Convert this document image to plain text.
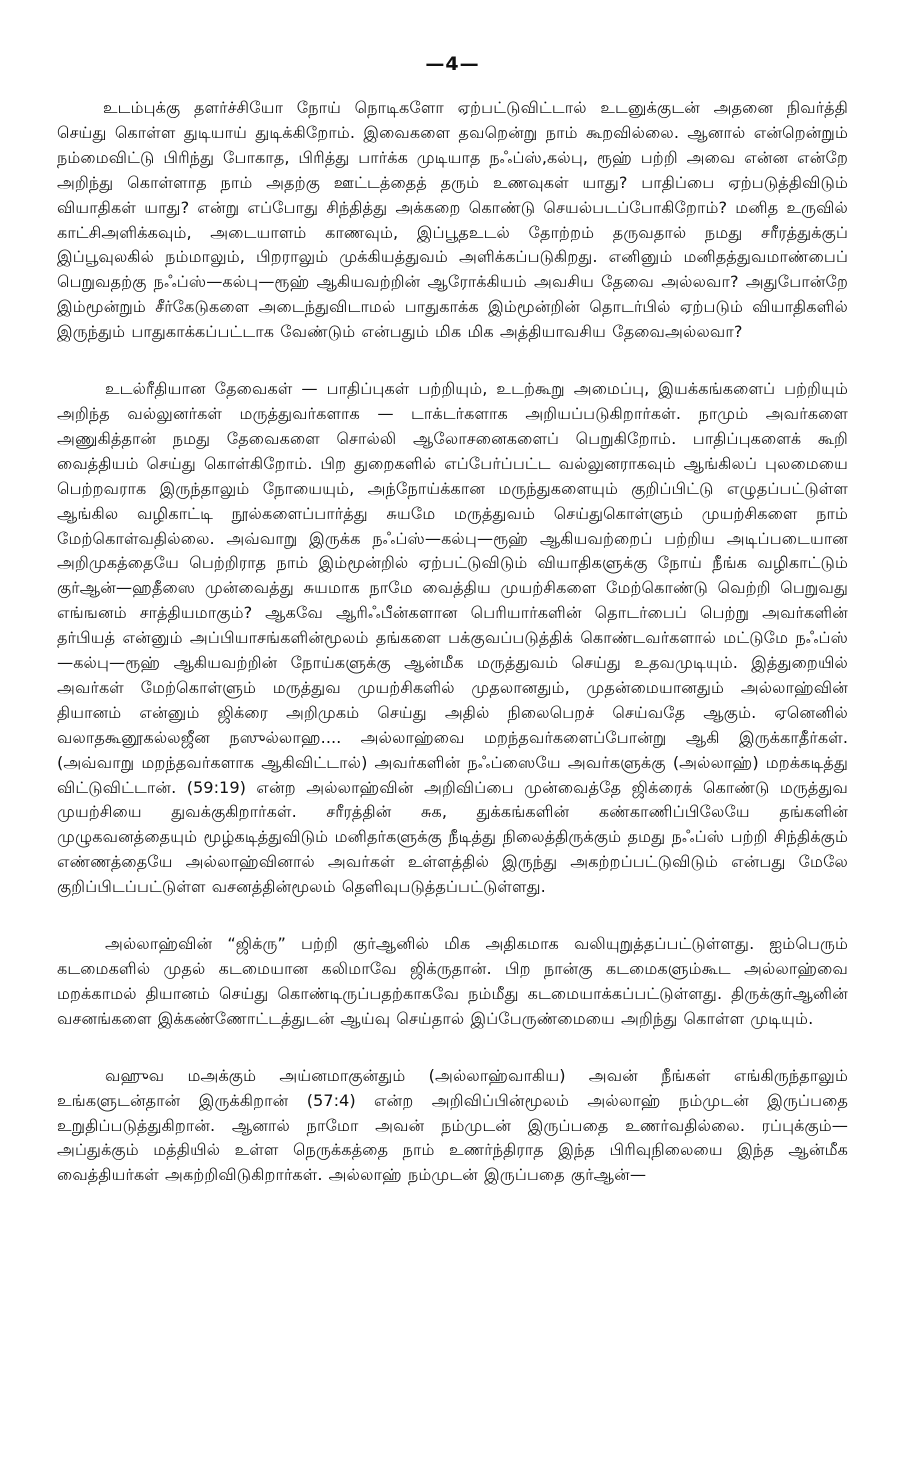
—4—

உடம்புக்கு தளர்ச்சியோ நோய் நொடிகளோ ஏற்பட்டுவிட்டால் உடனுக்குடன் அதனை நிவர்த்தி செய்து கொள்ள துடியாய் துடிக்கிறோம். இவைகளை தவறென்று நாம் கூறவில்லை. ஆனால் என்றென்றும் நம்மைவிட்டு பிரிந்து போகாத, பிரித்து பார்க்க முடியாத நஃப்ஸ்,கல்பு, ரூஹ் பற்றி அவை என்ன என்றே அறிந்து கொள்ளாத நாம் அதற்கு ஊட்டத்தைத் தரும் உணவுகள் யாது? பாதிப்பை ஏற்படுத்திவிடும் வியாதிகள் யாது? என்று எப்போது சிந்தித்து அக்கறை கொண்டு செயல்படப்போகிறோம்? மனித உருவில் காட்சிஅளிக்கவும், அடையாளம் காணவும், இப்பூதஉடல் தோற்றம் தருவதால் நமது சரீரத்துக்குப் இப்பூவுலகில் நம்மாலும், பிறராலும் முக்கியத்துவம் அளிக்கப்படுகிறது. எனினும் மனிதத்துவமாண்பைப் பெறுவதற்கு நஃப்ஸ்—கல்பு—ரூஹ் ஆகியவற்றின் ஆரோக்கியம் அவசிய தேவை அல்லவா? அதுபோன்றே இம்மூன்றும் சீர்கேடுகளை அடைந்துவிடாமல் பாதுகாக்க இம்மூன்றின் தொடர்பில் ஏற்படும் வியாதிகளில் இருந்தும் பாதுகாக்கப்பட்டாக வேண்டும் என்பதும் மிக மிக அத்தியாவசிய தேவைஅல்லவா?

உடல்ரீதியான தேவைகள் — பாதிப்புகள் பற்றியும், உடற்கூறு அமைப்பு, இயக்கங்களைப் பற்றியும் அறிந்த வல்லுனர்கள் மருத்துவர்களாக — டாக்டர்களாக அறியப்படுகிறார்கள். நாமும் அவர்களை அணுகித்தான் நமது தேவைகளை சொல்லி ஆலோசனைகளைப் பெறுகிறோம். பாதிப்புகளைக் கூறி வைத்தியம் செய்து கொள்கிறோம். பிற துறைகளில் எப்பேர்ப்பட்ட வல்லுனராகவும் ஆங்கிலப் புலமையை பெற்றவராக இருந்தாலும் நோயையும், அந்நோய்க்கான மருந்துகளையும் குறிப்பிட்டு எழுதப்பட்டுள்ள ஆங்கில வழிகாட்டி நூல்களைப்பார்த்து சுயமே மருத்துவம் செய்துகொள்ளும் முயற்சிகளை நாம் மேற்கொள்வதில்லை. அவ்வாறு இருக்க நஃப்ஸ்—கல்பு—ரூஹ் ஆகியவற்றைப் பற்றிய அடிப்படையான அறிமுகத்தையே பெற்றிராத நாம் இம்மூன்றில் ஏற்பட்டுவிடும் வியாதிகளுக்கு நோய் நீங்க வழிகாட்டும் குர்ஆன்—ஹதீஸை முன்வைத்து சுயமாக நாமே வைத்திய முயற்சிகளை மேற்கொண்டு வெற்றி பெறுவது எங்ஙனம் சாத்தியமாகும்? ஆகவே ஆரிஃபீன்களான பெரியார்களின் தொடர்பைப் பெற்று அவர்களின் தர்பியத் என்னும் அப்பியாசங்களின்மூலம் தங்களை பக்குவப்படுத்திக் கொண்டவர்களால் மட்டுமே நஃப்ஸ்—கல்பு—ரூஹ் ஆகியவற்றின் நோய்களுக்கு ஆன்மீக மருத்துவம் செய்து உதவமுடியும். இத்துறையில் அவர்கள் மேற்கொள்ளும் மருத்துவ முயற்சிகளில் முதலானதும், முதன்மையானதும் அல்லாஹ்வின் தியானம் என்னும் ஜிக்ரை அறிமுகம் செய்து அதில் நிலைபெறச் செய்வதே ஆகும். ஏனெனில் வலாதகூனூகல்லஜீன நஸுல்லாஹ.... அல்லாஹ்வை மறந்தவர்களைப்போன்று ஆகி இருக்காதீர்கள். (அவ்வாறு மறந்தவர்களாக ஆகிவிட்டால்) அவர்களின் நஃப்ஸையே அவர்களுக்கு (அல்லாஹ்) மறக்கடித்து விட்டுவிட்டான். (59:19) என்ற அல்லாஹ்வின் அறிவிப்பை முன்வைத்தே ஜிக்ரைக் கொண்டு மருத்துவ முயற்சியை துவக்குகிறார்கள். சரீரத்தின் சுக, துக்கங்களின் கண்காணிப்பிலேயே தங்களின் முழுகவனத்தையும் மூழ்கடித்துவிடும் மனிதர்களுக்கு நீடித்து நிலைத்திருக்கும் தமது நஃப்ஸ் பற்றி சிந்திக்கும் எண்ணத்தையே அல்லாஹ்வினால் அவர்கள் உள்ளத்தில் இருந்து அகற்றப்பட்டுவிடும் என்பது மேலே குறிப்பிடப்பட்டுள்ள வசனத்தின்மூலம் தெளிவுபடுத்தப்பட்டுள்ளது.

அல்லாஹ்வின் “ஜிக்ரு” பற்றி குர்ஆனில் மிக அதிகமாக வலியுறுத்தப்பட்டுள்ளது. ஐம்பெரும் கடமைகளில் முதல் கடமையான கலிமாவே ஜிக்ருதான். பிற நான்கு கடமைகளும்கூட அல்லாஹ்வை மறக்காமல் தியானம் செய்து கொண்டிருப்பதற்காகவே நம்மீது கடமையாக்கப்பட்டுள்ளது. திருக்குர்ஆனின் வசனங்களை இக்கண்ணோட்டத்துடன் ஆய்வு செய்தால் இப்பேருண்மையை அறிந்து கொள்ள முடியும்.

வஹுவ மஅக்கும் அய்னமாகுன்தும் (அல்லாஹ்வாகிய) அவன் நீங்கள் எங்கிருந்தாலும் உங்களுடன்தான் இருக்கிறான் (57:4) என்ற அறிவிப்பின்மூலம் அல்லாஹ் நம்முடன் இருப்பதை உறுதிப்படுத்துகிறான். ஆனால் நாமோ அவன் நம்முடன் இருப்பதை உணர்வதில்லை. ரப்புக்கும்—அப்துக்கும் மத்தியில் உள்ள நெருக்கத்தை நாம் உணர்ந்திராத இந்த பிரிவுநிலையை இந்த ஆன்மீக வைத்தியர்கள் அகற்றிவிடுகிறார்கள். அல்லாஹ் நம்முடன் இருப்பதை குர்ஆன்—
